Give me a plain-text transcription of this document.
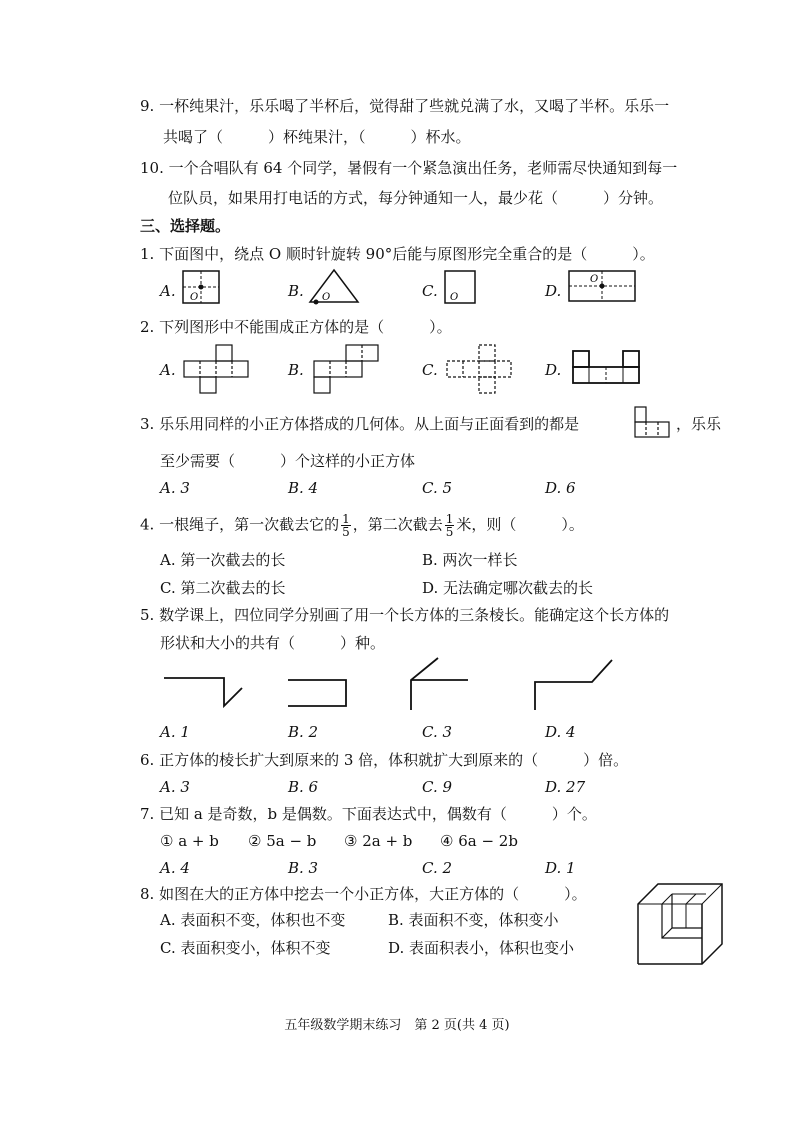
9. 一杯纯果汁，乐乐喝了半杯后，觉得甜了些就兑满了水，又喝了半杯。乐乐一
共喝了（　　　）杯纯果汁，（　　　）杯水。
10. 一个合唱队有 64 个同学，暑假有一个紧急演出任务，老师需尽快通知到每一
位队员，如果用打电话的方式，每分钟通知一人，最少花（　　　）分钟。
三、选择题。
1. 下面图中，绕点 O 顺时针旋转 90°后能与原图形完全重合的是（　　　）。
A. O	B. O	C. O	D.
O
2. 下列图形中不能围成正方体的是（　　　）。
A.	B.	C.	D.
3. 乐乐用同样的小正方体搭成的几何体。从上面与正面看到的都是	，乐乐
至少需要（　　　）个这样的小正方体
A. 3	B. 4	C. 5	D. 6
4. 一根绳子，第一次截去它的 $\frac{1}{5}$ ，第二次截去 $\frac{1}{5}$ 米，则（　　　）。
A. 第一次截去的长	B. 两次一样长
C. 第二次截去的长	D. 无法确定哪次截去的长
5. 数学课上，四位同学分别画了用一个长方体的三条棱长。能确定这个长方体的
形状和大小的共有（　　　）种。
A. 1	B. 2	C. 3	D. 4
6. 正方体的棱长扩大到原来的 3 倍，体积就扩大到原来的（　　　）倍。
A. 3	B. 6	C. 9	D. 27
7. 已知 a 是奇数，b 是偶数。下面表达式中，偶数有（　　　）个。
① a + b ② 5a − b ③ 2a + b ④ 6a − 2b
A. 4	B. 3	C. 2	D. 1
8. 如图在大的正方体中挖去一个小正方体，大正方体的（　　　）。
A. 表面积不变，体积也不变	B. 表面积不变，体积变小
C. 表面积变小，体积不变	D. 表面积表小，体积也变小
五年级数学期末练习　第 2 页(共 4 页)
